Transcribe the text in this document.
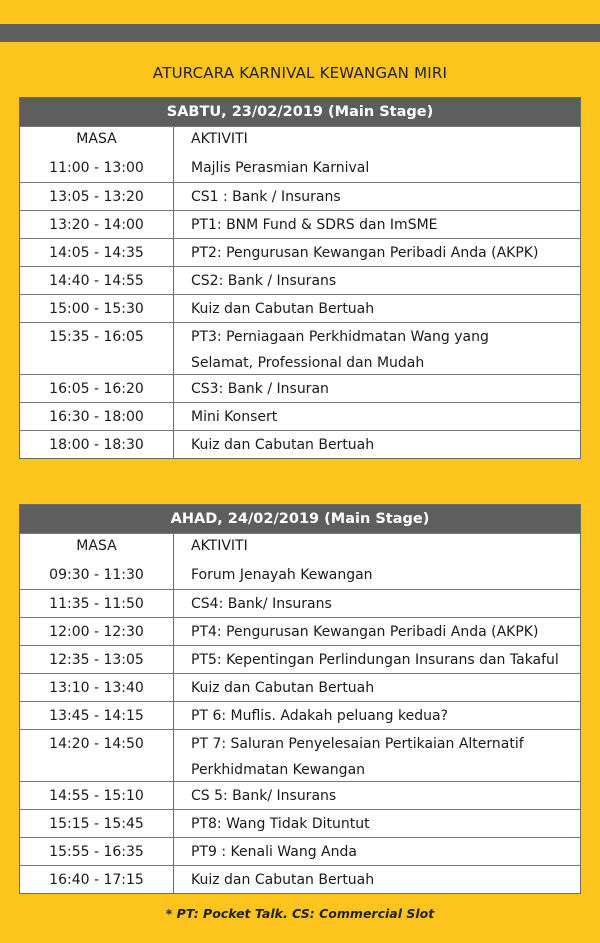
ATURCARA KARNIVAL KEWANGAN MIRI
SABTU, 23/02/2019 (Main Stage)
MASA	AKTIVITI
11:00 - 13:00	Majlis Perasmian Karnival
13:05 - 13:20	CS1 : Bank / Insurans
13:20 - 14:00	PT1: BNM Fund & SDRS dan ImSME
14:05 - 14:35	PT2: Pengurusan Kewangan Peribadi Anda (AKPK)
14:40 - 14:55	CS2: Bank / Insurans
15:00 - 15:30	Kuiz dan Cabutan Bertuah
15:35 - 16:05	PT3: Perniagaan Perkhidmatan Wang yang
Selamat, Professional dan Mudah
16:05 - 16:20	CS3: Bank / Insuran
16:30 - 18:00	Mini Konsert
18:00 - 18:30	Kuiz dan Cabutan Bertuah
AHAD, 24/02/2019 (Main Stage)
MASA	AKTIVITI
09:30 - 11:30	Forum Jenayah Kewangan
11:35 - 11:50	CS4: Bank/ Insurans
12:00 - 12:30	PT4: Pengurusan Kewangan Peribadi Anda (AKPK)
12:35 - 13:05	PT5: Kepentingan Perlindungan Insurans dan Takaful
13:10 - 13:40	Kuiz dan Cabutan Bertuah
13:45 - 14:15	PT 6: Muflis. Adakah peluang kedua?
14:20 - 14:50	PT 7: Saluran Penyelesaian Pertikaian Alternatif
Perkhidmatan Kewangan
14:55 - 15:10	CS 5: Bank/ Insurans
15:15 - 15:45	PT8: Wang Tidak Dituntut
15:55 - 16:35	PT9 : Kenali Wang Anda
16:40 - 17:15	Kuiz dan Cabutan Bertuah
* PT: Pocket Talk. CS: Commercial Slot
